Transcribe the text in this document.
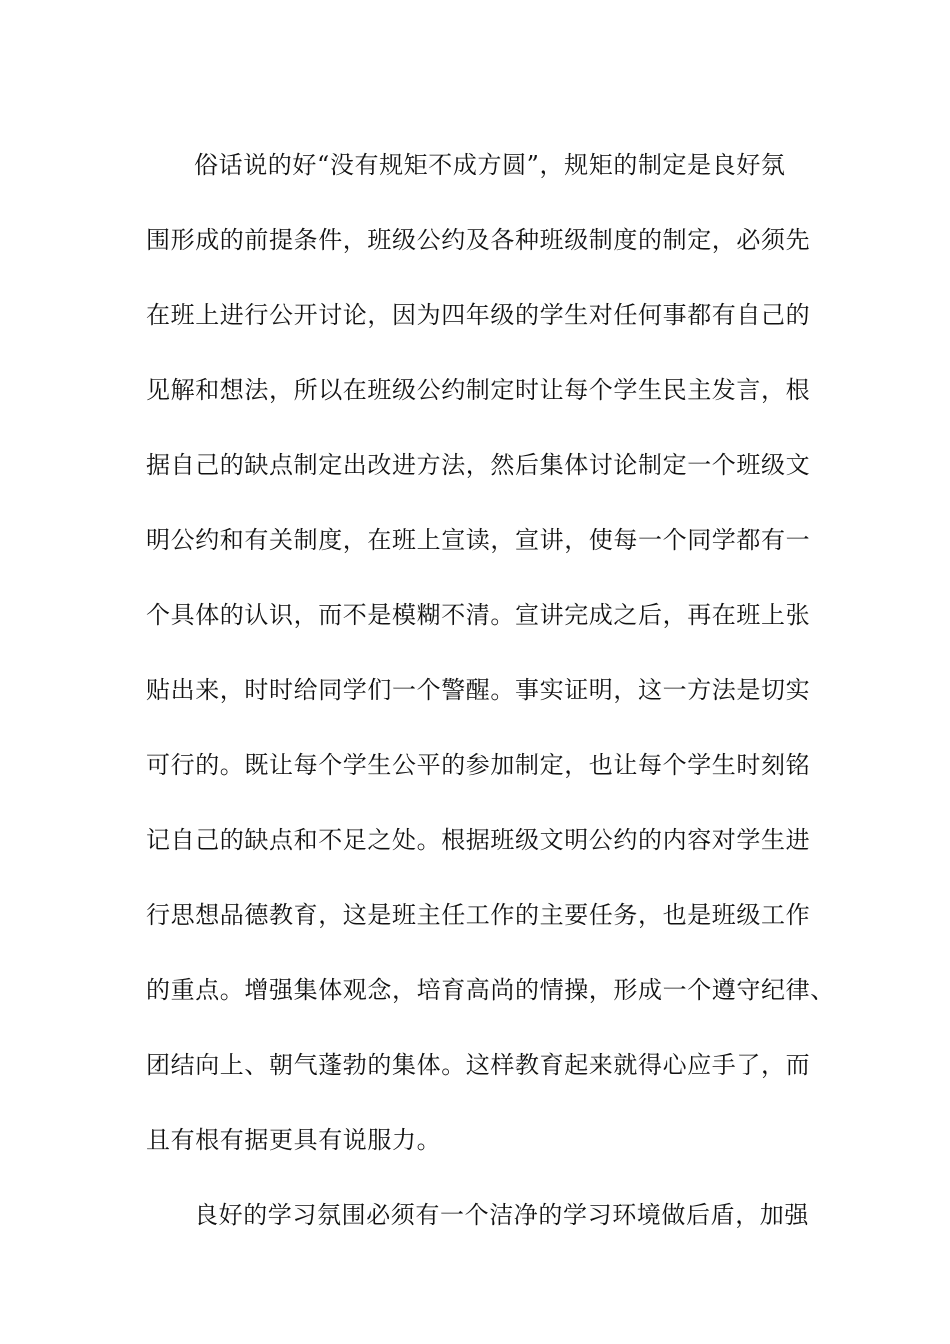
俗话说的好“没有规矩不成方圆”，规矩的制定是良好氛
围形成的前提条件，班级公约及各种班级制度的制定，必须先
在班上进行公开讨论，因为四年级的学生对任何事都有自己的
见解和想法，所以在班级公约制定时让每个学生民主发言，根
据自己的缺点制定出改进方法，然后集体讨论制定一个班级文
明公约和有关制度，在班上宣读，宣讲，使每一个同学都有一
个具体的认识，而不是模糊不清。宣讲完成之后，再在班上张
贴出来，时时给同学们一个警醒。事实证明，这一方法是切实
可行的。既让每个学生公平的参加制定，也让每个学生时刻铭
记自己的缺点和不足之处。根据班级文明公约的内容对学生进
行思想品德教育，这是班主任工作的主要任务，也是班级工作
的重点。增强集体观念，培育高尚的情操，形成一个遵守纪律、
团结向上、朝气蓬勃的集体。这样教育起来就得心应手了，而
且有根有据更具有说服力。
良好的学习氛围必须有一个洁净的学习环境做后盾，加强
